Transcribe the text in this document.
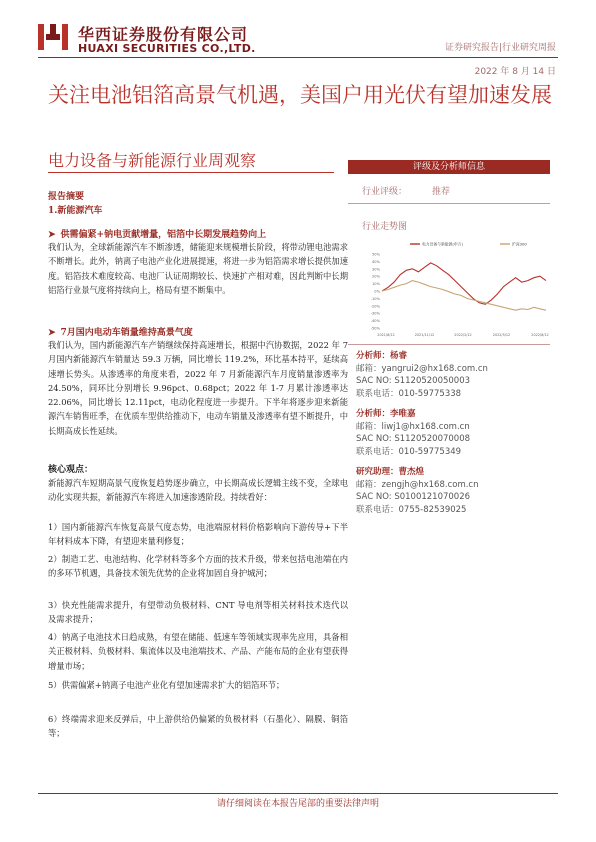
华西证券股份有限公司
HUAXI SECURITIES CO.,LTD.	证券研究报告|行业研究周报
2022 年 8 月 14 日
关注电池铝箔高景气机遇，美国户用光伏有望加速发展
电力设备与新能源行业周观察
报告摘要
1.新能源汽车
➤ 供需偏紧+钠电贡献增量，铝箔中长期发展趋势向上
我们认为，全球新能源汽车不断渗透，储能迎来规模增长阶段，将带动锂电池需求不断增长。此外，钠离子电池产业化进展提速，将进一步为铝箔需求增长提供加速度。铝箔技术难度较高、电池厂认证周期较长、快速扩产相对难，因此判断中长期铝箔行业景气度将持续向上，格局有望不断集中。
➤ 7月国内电动车销量维持高景气度
我们认为，国内新能源汽车产销继续保持高速增长，根据中汽协数据，2022 年 7 月国内新能源汽车销量达 59.3 万辆，同比增长 119.2%，环比基本持平，延续高速增长势头。从渗透率的角度来看，2022 年 7 月新能源汽车月度销量渗透率为 24.50%，同环比分别增长 9.96pct、0.68pct；2022 年 1-7 月累计渗透率达 22.06%，同比增长 12.11pct，电动化程度进一步提升。下半年将逐步迎来新能源汽车销售旺季，在优质车型供给推动下，电动车销量及渗透率有望不断提升，中长期高成长性延续。
核心观点：
新能源汽车短期高景气度恢复趋势逐步确立，中长期高成长逻辑主线不变，全球电动化实现共振，新能源汽车将进入加速渗透阶段。持续看好：
1）国内新能源汽车恢复高景气度态势，电池端原材料价格影响向下游传导+下半年材料成本下降，有望迎来量利修复；
2）制造工艺、电池结构、化学材料等多个方面的技术升级，带来包括电池端在内的多环节机遇，具备技术领先优势的企业将加固自身护城河；
3）快充性能需求提升，有望带动负极材料、CNT 导电剂等相关材料技术迭代以及需求提升；
4）钠离子电池技术日趋成熟，有望在储能、低速车等领域实现率先应用，具备相关正极材料、负极材料、集流体以及电池端技术、产品、产能布局的企业有望获得增量市场；
5）供需偏紧+钠离子电池产业化有望加速需求扩大的铝箔环节；
6）终端需求迎来反弹后，中上游供给仍偏紧的负极材料（石墨化）、隔膜、铜箔等；
评级及分析师信息
行业评级：	推荐
行业走势图
50%
40%
30%
20%
10%
0%
-10%
-20%
-30%
-40%
-50%
电力设备与新能源(申万)	沪深300
2021/8/12	2021/11/12	2022/2/12	2022/5/12	2022/8/12
分析师：杨睿
邮箱：yangrui2@hx168.com.cn
SAC NO: S1120520050003
联系电话：010-59775338
分析师：李唯嘉
邮箱：liwj1@hx168.com.cn
SAC NO: S1120520070008
联系电话：010-59775349
研究助理：曹杰煌
邮箱：zengjh@hx168.com.cn
SAC NO: S0100121070026
联系电话：0755-82539025
请仔细阅读在本报告尾部的重要法律声明
